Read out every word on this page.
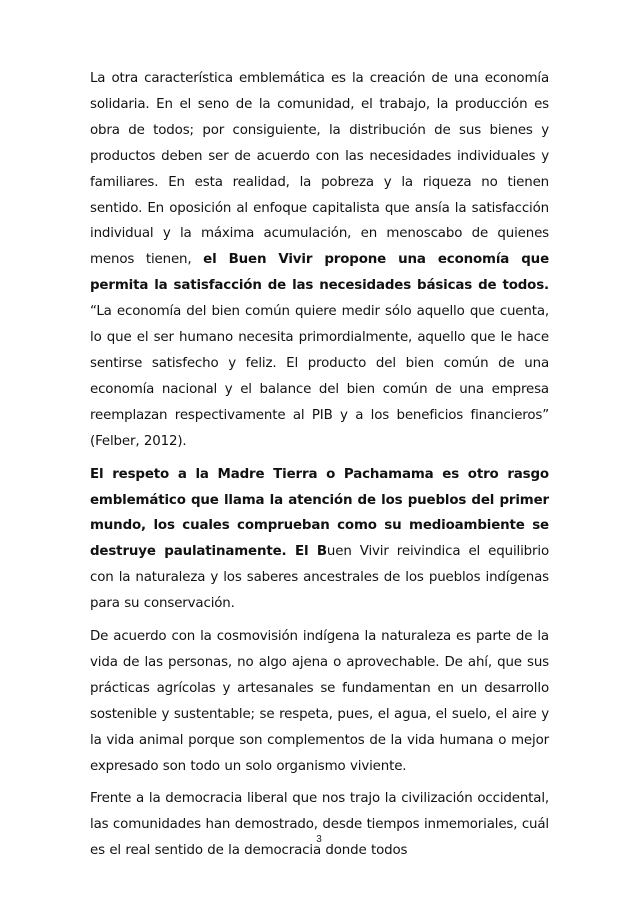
La otra característica emblemática es la creación de una economía solidaria. En el seno de la comunidad, el trabajo, la producción es obra de todos; por consiguiente, la distribución de sus bienes y productos deben ser de acuerdo con las necesidades individuales y familiares. En esta realidad, la pobreza y la riqueza no tienen sentido. En oposición al enfoque capitalista que ansía la satisfacción individual y la máxima acumulación, en menoscabo de quienes menos tienen, el Buen Vivir propone una economía que permita la satisfacción de las necesidades básicas de todos. “La economía del bien común quiere medir sólo aquello que cuenta, lo que el ser humano necesita primordialmente, aquello que le hace sentirse satisfecho y feliz. El producto del bien común de una economía nacional y el balance del bien común de una empresa reemplazan respectivamente al PIB y a los beneficios financieros” (Felber, 2012).

El respeto a la Madre Tierra o Pachamama es otro rasgo emblemático que llama la atención de los pueblos del primer mundo, los cuales comprueban como su medioambiente se destruye paulatinamente. El Buen Vivir reivindica el equilibrio con la naturaleza y los saberes ancestrales de los pueblos indígenas para su conservación.

De acuerdo con la cosmovisión indígena la naturaleza es parte de la vida de las personas, no algo ajena o aprovechable. De ahí, que sus prácticas agrícolas y artesanales se fundamentan en un desarrollo sostenible y sustentable; se respeta, pues, el agua, el suelo, el aire y la vida animal porque son complementos de la vida humana o mejor expresado son todo un solo organismo viviente.

Frente a la democracia liberal que nos trajo la civilización occidental, las comunidades han demostrado, desde tiempos inmemoriales, cuál es el real sentido de la democracia donde todos

3
